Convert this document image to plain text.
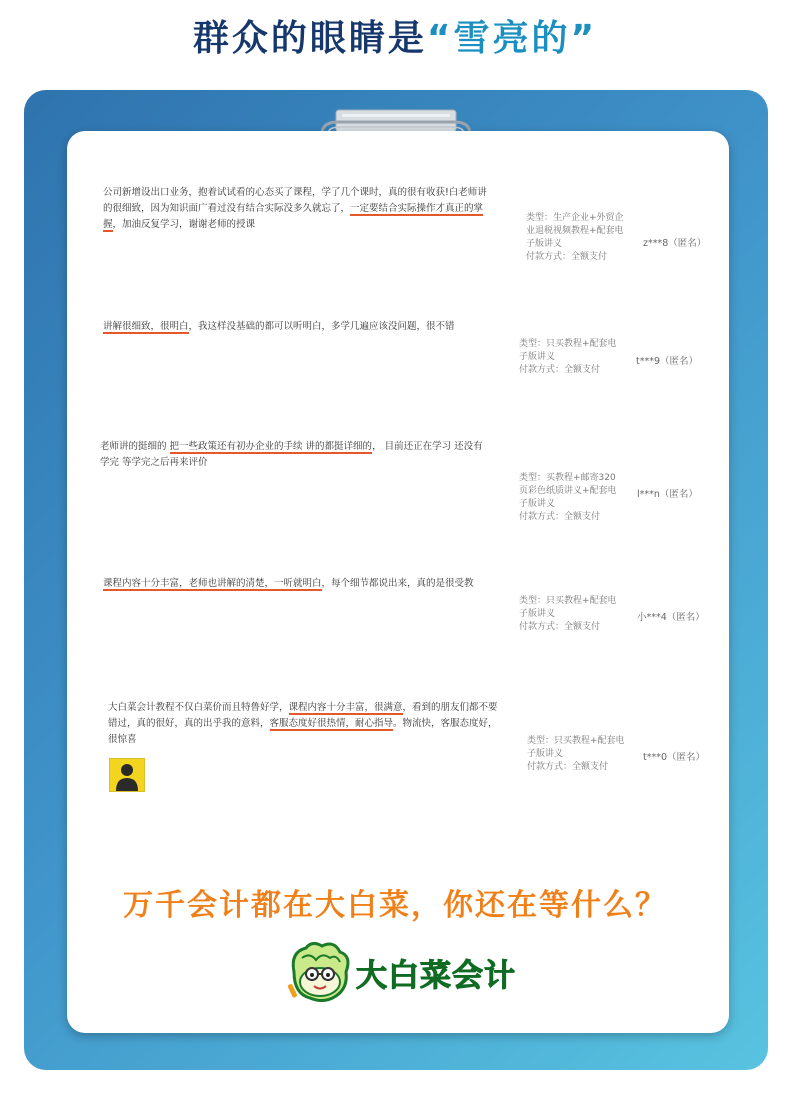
群众的眼睛是“雪亮的”
公司新增设出口业务，抱着试试看的心态买了课程，学了几个课时，真的很有收获!白老师讲的很细致，因为知识面广看过没有结合实际没多久就忘了，一定要结合实际操作才真正的掌握，加油反复学习，谢谢老师的授课
类型：生产企业+外贸企业退税视频教程+配套电子版讲义
付款方式：全额支付
z***8（匿名）
讲解很细致，很明白，我这样没基础的都可以听明白，多学几遍应该没问题，很不错
类型：只买教程+配套电子版讲义
付款方式：全额支付
t***9（匿名）
老师讲的挺细的 把一些政策还有初办企业的手续 讲的都挺详细的， 目前还正在学习 还没有学完 等学完之后再来评价
类型：买教程+邮寄320页彩色纸质讲义+配套电子版讲义
付款方式：全额支付
l***n（匿名）
课程内容十分丰富，老师也讲解的清楚，一听就明白，每个细节都说出来，真的是很受教
类型：只买教程+配套电子版讲义
付款方式：全额支付
小***4（匿名）
大白菜会计教程不仅白菜价而且特鲁好学，课程内容十分丰富，很满意，看到的朋友们都不要错过，真的很好，真的出乎我的意料，客服态度好很热情，耐心指导。物流快，客服态度好，很惊喜	类型：只买教程+配套电子版讲义
付款方式：全额支付
t***0（匿名）
万千会计都在大白菜，你还在等什么？
大白菜会计
